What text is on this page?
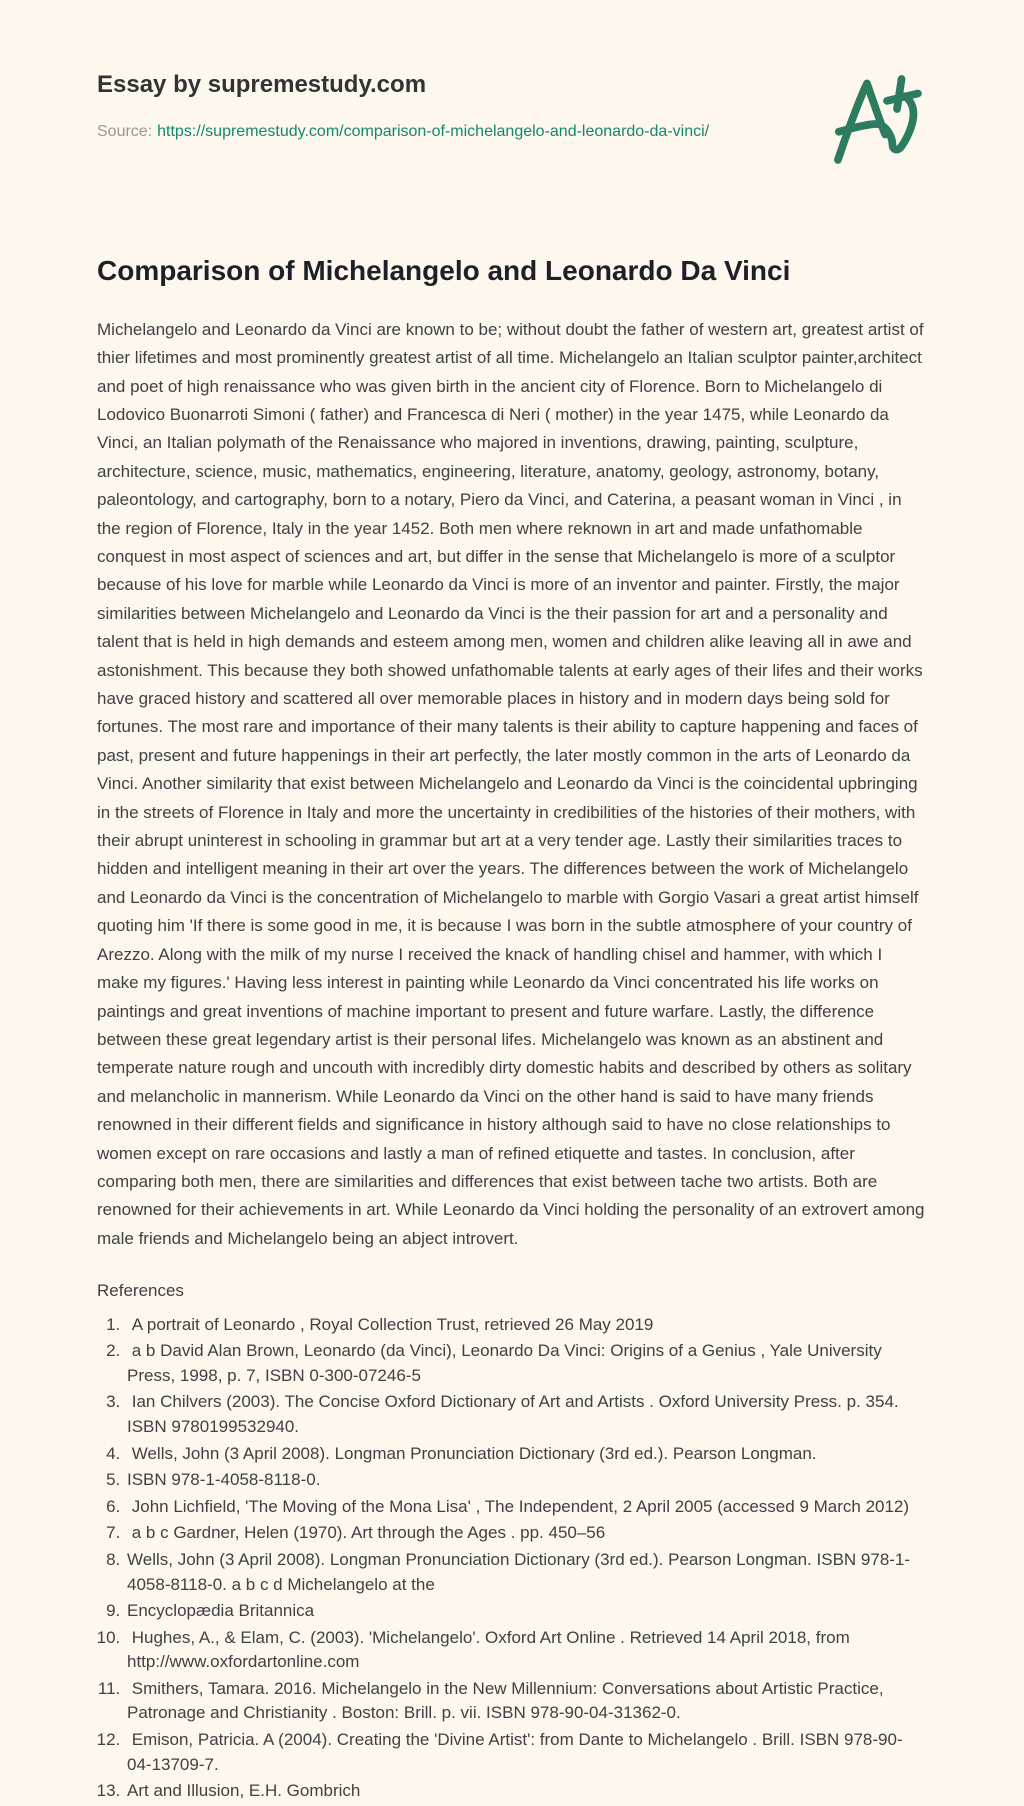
Essay by supremestudy.com

Source: https://supremestudy.com/comparison-of-michelangelo-and-leonardo-da-vinci/

Comparison of Michelangelo and Leonardo Da Vinci

Michelangelo and Leonardo da Vinci are known to be; without doubt the father of western art, greatest artist of thier lifetimes and most prominently greatest artist of all time. Michelangelo an Italian sculptor painter,architect and poet of high renaissance who was given birth in the ancient city of Florence. Born to Michelangelo di Lodovico Buonarroti Simoni ( father) and Francesca di Neri ( mother) in the year 1475, while Leonardo da Vinci, an Italian polymath of the Renaissance who majored in inventions, drawing, painting, sculpture, architecture, science, music, mathematics, engineering, literature, anatomy, geology, astronomy, botany, paleontology, and cartography, born to a notary, Piero da Vinci, and Caterina, a peasant woman in Vinci , in the region of Florence, Italy in the year 1452. Both men where reknown in art and made unfathomable conquest in most aspect of sciences and art, but differ in the sense that Michelangelo is more of a sculptor because of his love for marble while Leonardo da Vinci is more of an inventor and painter. Firstly, the major similarities between Michelangelo and Leonardo da Vinci is the their passion for art and a personality and talent that is held in high demands and esteem among men, women and children alike leaving all in awe and astonishment. This because they both showed unfathomable talents at early ages of their lifes and their works have graced history and scattered all over memorable places in history and in modern days being sold for fortunes. The most rare and importance of their many talents is their ability to capture happening and faces of past, present and future happenings in their art perfectly, the later mostly common in the arts of Leonardo da Vinci. Another similarity that exist between Michelangelo and Leonardo da Vinci is the coincidental upbringing in the streets of Florence in Italy and more the uncertainty in credibilities of the histories of their mothers, with their abrupt uninterest in schooling in grammar but art at a very tender age. Lastly their similarities traces to hidden and intelligent meaning in their art over the years. The differences between the work of Michelangelo and Leonardo da Vinci is the concentration of Michelangelo to marble with Gorgio Vasari a great artist himself quoting him 'If there is some good in me, it is because I was born in the subtle atmosphere of your country of Arezzo. Along with the milk of my nurse I received the knack of handling chisel and hammer, with which I make my figures.' Having less interest in painting while Leonardo da Vinci concentrated his life works on paintings and great inventions of machine important to present and future warfare. Lastly, the difference between these great legendary artist is their personal lifes. Michelangelo was known as an abstinent and temperate nature rough and uncouth with incredibly dirty domestic habits and described by others as solitary and melancholic in mannerism. While Leonardo da Vinci on the other hand is said to have many friends renowned in their different fields and significance in history although said to have no close relationships to women except on rare occasions and lastly a man of refined etiquette and tastes. In conclusion, after comparing both men, there are similarities and differences that exist between tache two artists. Both are renowned for their achievements in art. While Leonardo da Vinci holding the personality of an extrovert among male friends and Michelangelo being an abject introvert.

References

1.  A portrait of Leonardo , Royal Collection Trust, retrieved 26 May 2019
2.  a b David Alan Brown, Leonardo (da Vinci), Leonardo Da Vinci: Origins of a Genius , Yale University Press, 1998, p. 7, ISBN 0-300-07246-5
3.  Ian Chilvers (2003). The Concise Oxford Dictionary of Art and Artists . Oxford University Press. p. 354. ISBN 9780199532940.
4.  Wells, John (3 April 2008). Longman Pronunciation Dictionary (3rd ed.). Pearson Longman.
5. ISBN 978-1-4058-8118-0.
6.  John Lichfield, 'The Moving of the Mona Lisa' , The Independent, 2 April 2005 (accessed 9 March 2012)
7.  a b c Gardner, Helen (1970). Art through the Ages . pp. 450–56
8. Wells, John (3 April 2008). Longman Pronunciation Dictionary (3rd ed.). Pearson Longman. ISBN 978-1-4058-8118-0. a b c d Michelangelo at the
9. Encyclopædia Britannica
10.  Hughes, A., & Elam, C. (2003). 'Michelangelo'. Oxford Art Online . Retrieved 14 April 2018, from http://www.oxfordartonline.com
11.  Smithers, Tamara. 2016. Michelangelo in the New Millennium: Conversations about Artistic Practice, Patronage and Christianity . Boston: Brill. p. vii. ISBN 978-90-04-31362-0.
12.  Emison, Patricia. A (2004). Creating the 'Divine Artist': from Dante to Michelangelo . Brill. ISBN 978-90-04-13709-7.
13. Art and Illusion, E.H. Gombrich
